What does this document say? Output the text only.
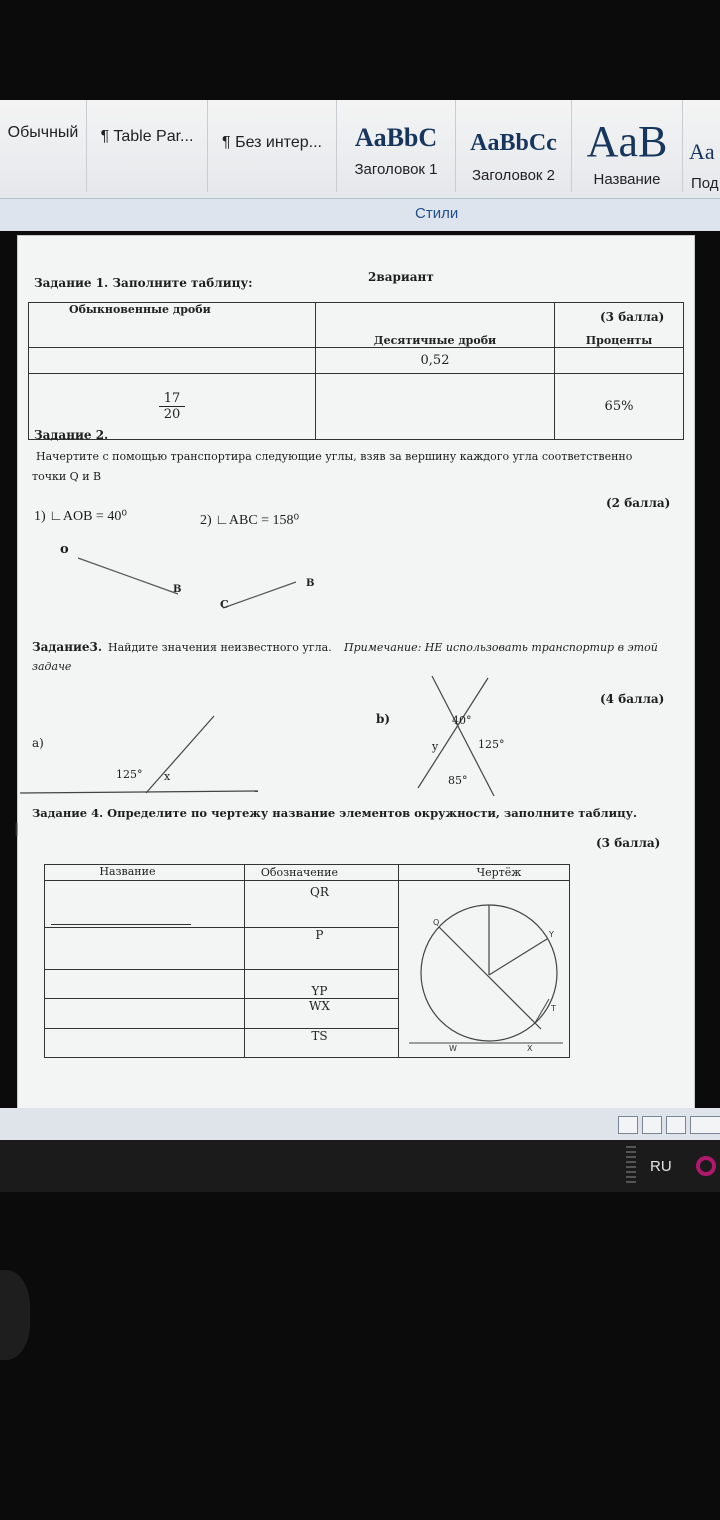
Обычный ¶ Table Par... ¶ Без интер... AaBbC
Заголовок 1
AaBbCc
Заголовок 2
AaB
Название
Aa
Под
Стили
2вариант
Задание 1. Заполните таблицу:
(3 балла)
Обыкновенные дроби	Десятичные дроби	Проценты
	0,52	
17
20		65%
Задание 2.
Начертите с помощью транспортира следующие углы, взяв за вершину каждого угла соответственно
точки Q и В
(2 балла)
1) ∟AOB = 40⁰	2) ∟ABC = 158⁰
o
B
C
B
Задание3. Найдите значения неизвестного угла. Примечание: НЕ использовать транспортир в этой
задаче
(4 балла)
a)
b)
125° x
40°
y	125°
85°
Задание 4. Определите по чертежу название элементов окружности, заполните таблицу.
I
(3 балла)
Название	Обозначение	Чертёж

	QR	Q
Y
W X
T

	P	
	YP	
	WX	
	TS	
RU
